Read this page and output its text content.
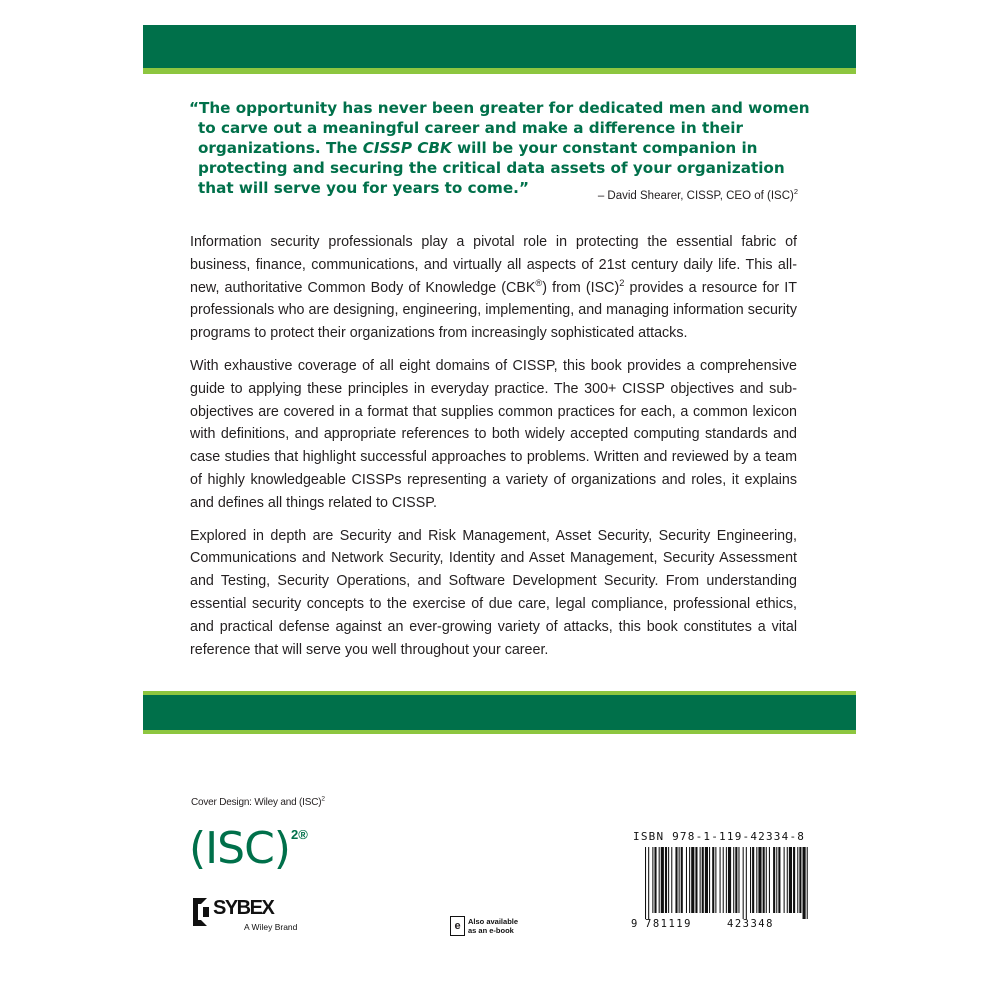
“The opportunity has never been greater for dedicated men and women to carve out a meaningful career and make a difference in their organizations. The CISSP CBK will be your constant companion in protecting and securing the critical data assets of your organization that will serve you for years to come.”	– David Shearer, CISSP, CEO of (ISC)$^2$

Information security professionals play a pivotal role in protecting the essential fabric of business, finance, communications, and virtually all aspects of 21st century daily life. This all-new, authoritative Common Body of Knowledge (CBK®) from (ISC)$^2$ provides a resource for IT professionals who are designing, engineering, implementing, and managing information security programs to protect their organizations from increasingly sophisticated attacks.

With exhaustive coverage of all eight domains of CISSP, this book provides a comprehensive guide to applying these principles in everyday practice. The 300+ CISSP objectives and sub-objectives are covered in a format that supplies common practices for each, a common lexicon with definitions, and appropriate references to both widely accepted computing standards and case studies that highlight successful approaches to problems. Written and reviewed by a team of highly knowledgeable CISSPs representing a variety of organizations and roles, it explains and defines all things related to CISSP.

Explored in depth are Security and Risk Management, Asset Security, Security Engineering, Communications and Network Security, Identity and Asset Management, Security Assessment and Testing, Security Operations, and Software Development Security. From understanding essential security concepts to the exercise of due care, legal compliance, professional ethics, and practical defense against an ever-growing variety of attacks, this book constitutes a vital reference that will serve you well throughout your career.

Cover Design: Wiley and (ISC)$^2$
(ISC) 2®
SYBEX
A Wiley Brand	e Also available
as an e-book
ISBN 978-1-119-42334-8
9 781119	423348
